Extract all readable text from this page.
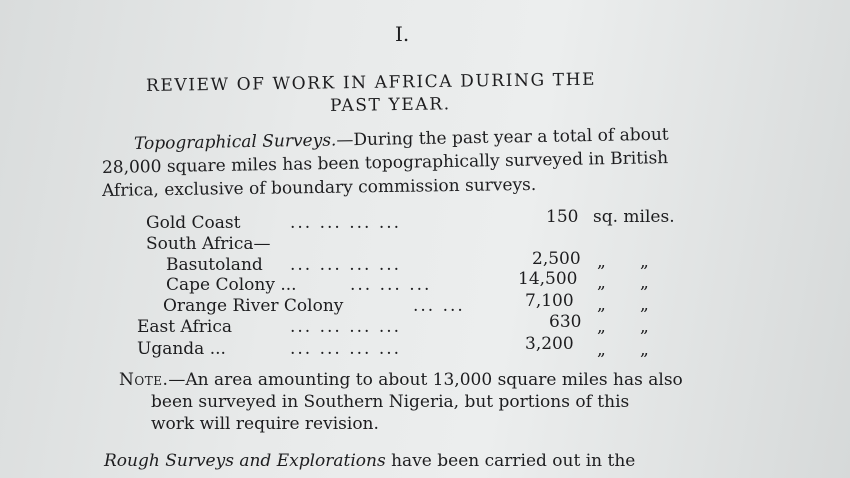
I.
REVIEW OF WORK IN AFRICA DURING THE
PAST YEAR.
Topographical Surveys.—During the past year a total of about
28,000 square miles has been topographically surveyed in British
Africa, exclusive of boundary commission surveys.
Gold Coast	... ... ... ...	150 sq. miles.
South Africa—
Basutoland ... ... ... ...	2,500 „ „
Cape Colony ...	... ... ...	14,500 „ „
Orange River Colony	... ...	7,100 „ „
East Africa	... ... ... ...	630 „ „
Uganda ...	... ... ... ...	3,200 „ „
Note.—An area amounting to about 13,000 square miles has also
been surveyed in Southern Nigeria, but portions of this
work will require revision.
Rough Surveys and Explorations have been carried out in the
